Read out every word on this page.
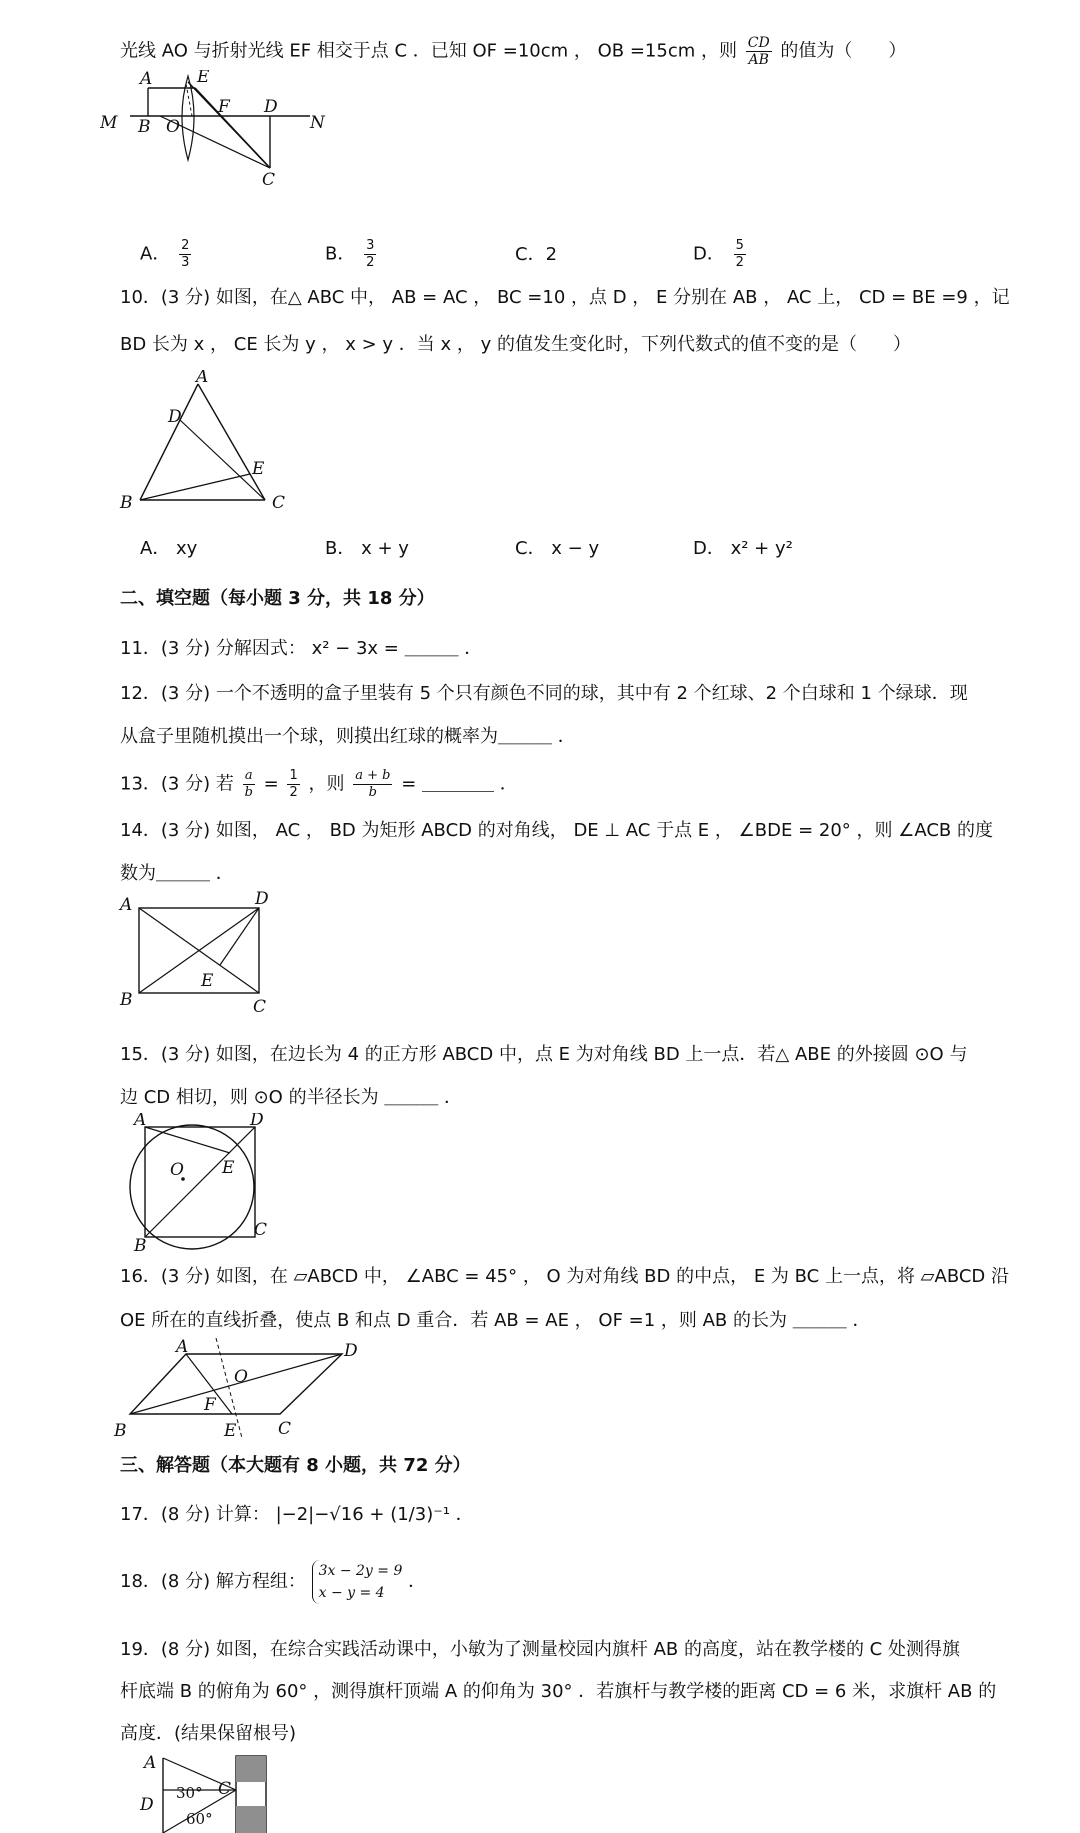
光线 AO 与折射光线 EF 相交于点 C ．已知 OF =10cm ， OB =15cm ，则 $\frac{CD}{AB}$ 的值为（　　）
A	E
F D
M B O	N
C
A． $\frac{2}{3}$	B． $\frac{3}{2}$	C．2	D． $\frac{5}{2}$
10．(3 分) 如图，在△ ABC 中， AB = AC ， BC =10 ，点 D ， E 分别在 AB ， AC 上， CD = BE =9 ，记
BD 长为 x ， CE 长为 y ， x > y ．当 x ， y 的值发生变化时，下列代数式的值不变的是（　　）
A
D
E
B	C
A． xy	B． x + y	C． x − y	D． x² + y²
二、填空题（每小题 3 分，共 18 分）
11．(3 分) 分解因式： x² − 3x = ＿＿＿ ．
12．(3 分) 一个不透明的盒子里装有 5 个只有颜色不同的球，其中有 2 个红球、2 个白球和 1 个绿球．现
从盒子里随机摸出一个球，则摸出红球的概率为＿＿＿ ．
13．(3 分) 若 $\frac{a}{b} = \frac{1}{2}$ ，则 $\frac{a + b}{b}$ = ＿＿＿＿ ．
14．(3 分) 如图， AC ， BD 为矩形 ABCD 的对角线， DE ⊥ AC 于点 E ， ∠BDE = 20° ，则 ∠ACB 的度
数为＿＿＿ ．
A	D
E
B	C
15．(3 分) 如图，在边长为 4 的正方形 ABCD 中，点 E 为对角线 BD 上一点．若△ ABE 的外接圆 ⊙O 与
边 CD 相切，则 ⊙O 的半径长为 ＿＿＿ ．
A	D
E
O
B
C
16．(3 分) 如图，在 ▱ABCD 中， ∠ABC = 45° ， O 为对角线 BD 的中点， E 为 BC 上一点，将 ▱ABCD 沿
OE 所在的直线折叠，使点 B 和点 D 重合．若 AB = AE ， OF =1 ，则 AB 的长为 ＿＿＿ ．
A	D
O
F
B	E C
三、解答题（本大题有 8 小题，共 72 分）
17．(8 分) 计算： |−2|−√16 + (1/3)⁻¹ ．
18．(8 分) 解方程组： 3x − 2y = 9
x − y = 4
．
19．(8 分) 如图，在综合实践活动课中，小敏为了测量校园内旗杆 AB 的高度，站在教学楼的 C 处测得旗
杆底端 B 的俯角为 60° ，测得旗杆顶端 A 的仰角为 30° ．若旗杆与教学楼的距离 CD = 6 米，求旗杆 AB 的
高度．(结果保留根号)
A
D
C
30°
60°
